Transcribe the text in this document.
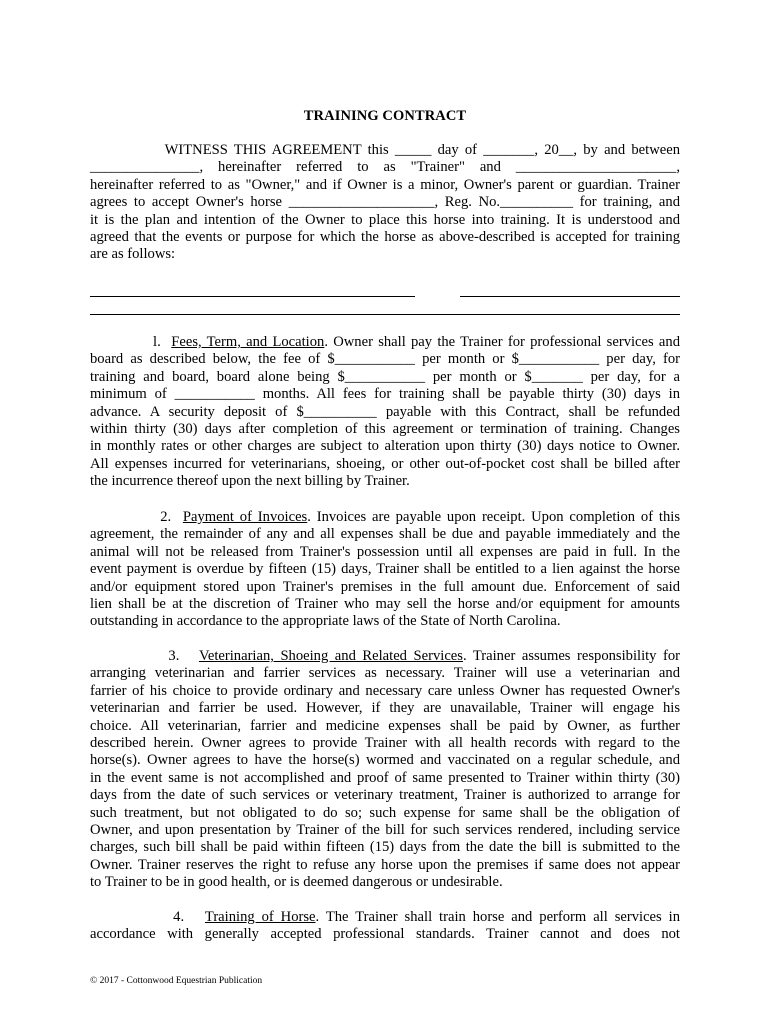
TRAINING CONTRACT
WITNESS THIS AGREEMENT this _____ day of _______, 20__, by and between
_______________, hereinafter referred to as "Trainer" and ______________________,
hereinafter referred to as "Owner," and if Owner is a minor, Owner's parent or guardian. Trainer
agrees to accept Owner's horse ____________________, Reg. No.__________ for training, and
it is the plan and intention of the Owner to place this horse into training. It is understood and
agreed that the events or purpose for which the horse as above-described is accepted for training
are as follows:
l. Fees, Term, and Location. Owner shall pay the Trainer for professional services and
board as described below, the fee of $___________ per month or $___________ per day, for
training and board, board alone being $___________ per month or $_______ per day, for a
minimum of ___________ months. All fees for training shall be payable thirty (30) days in
advance. A security deposit of $__________ payable with this Contract, shall be refunded
within thirty (30) days after completion of this agreement or termination of training. Changes
in monthly rates or other charges are subject to alteration upon thirty (30) days notice to Owner.
All expenses incurred for veterinarians, shoeing, or other out-of-pocket cost shall be billed after
the incurrence thereof upon the next billing by Trainer.
2. Payment of Invoices. Invoices are payable upon receipt. Upon completion of this
agreement, the remainder of any and all expenses shall be due and payable immediately and the
animal will not be released from Trainer's possession until all expenses are paid in full. In the
event payment is overdue by fifteen (15) days, Trainer shall be entitled to a lien against the horse
and/or equipment stored upon Trainer's premises in the full amount due. Enforcement of said
lien shall be at the discretion of Trainer who may sell the horse and/or equipment for amounts
outstanding in accordance to the appropriate laws of the State of North Carolina.
3. Veterinarian, Shoeing and Related Services. Trainer assumes responsibility for
arranging veterinarian and farrier services as necessary. Trainer will use a veterinarian and
farrier of his choice to provide ordinary and necessary care unless Owner has requested Owner's
veterinarian and farrier be used. However, if they are unavailable, Trainer will engage his
choice. All veterinarian, farrier and medicine expenses shall be paid by Owner, as further
described herein. Owner agrees to provide Trainer with all health records with regard to the
horse(s). Owner agrees to have the horse(s) wormed and vaccinated on a regular schedule, and
in the event same is not accomplished and proof of same presented to Trainer within thirty (30)
days from the date of such services or veterinary treatment, Trainer is authorized to arrange for
such treatment, but not obligated to do so; such expense for same shall be the obligation of
Owner, and upon presentation by Trainer of the bill for such services rendered, including service
charges, such bill shall be paid within fifteen (15) days from the date the bill is submitted to the
Owner. Trainer reserves the right to refuse any horse upon the premises if same does not appear
to Trainer to be in good health, or is deemed dangerous or undesirable.
4. Training of Horse. The Trainer shall train horse and perform all services in
accordance with generally accepted professional standards. Trainer cannot and does not
© 2017 - Cottonwood Equestrian Publication
